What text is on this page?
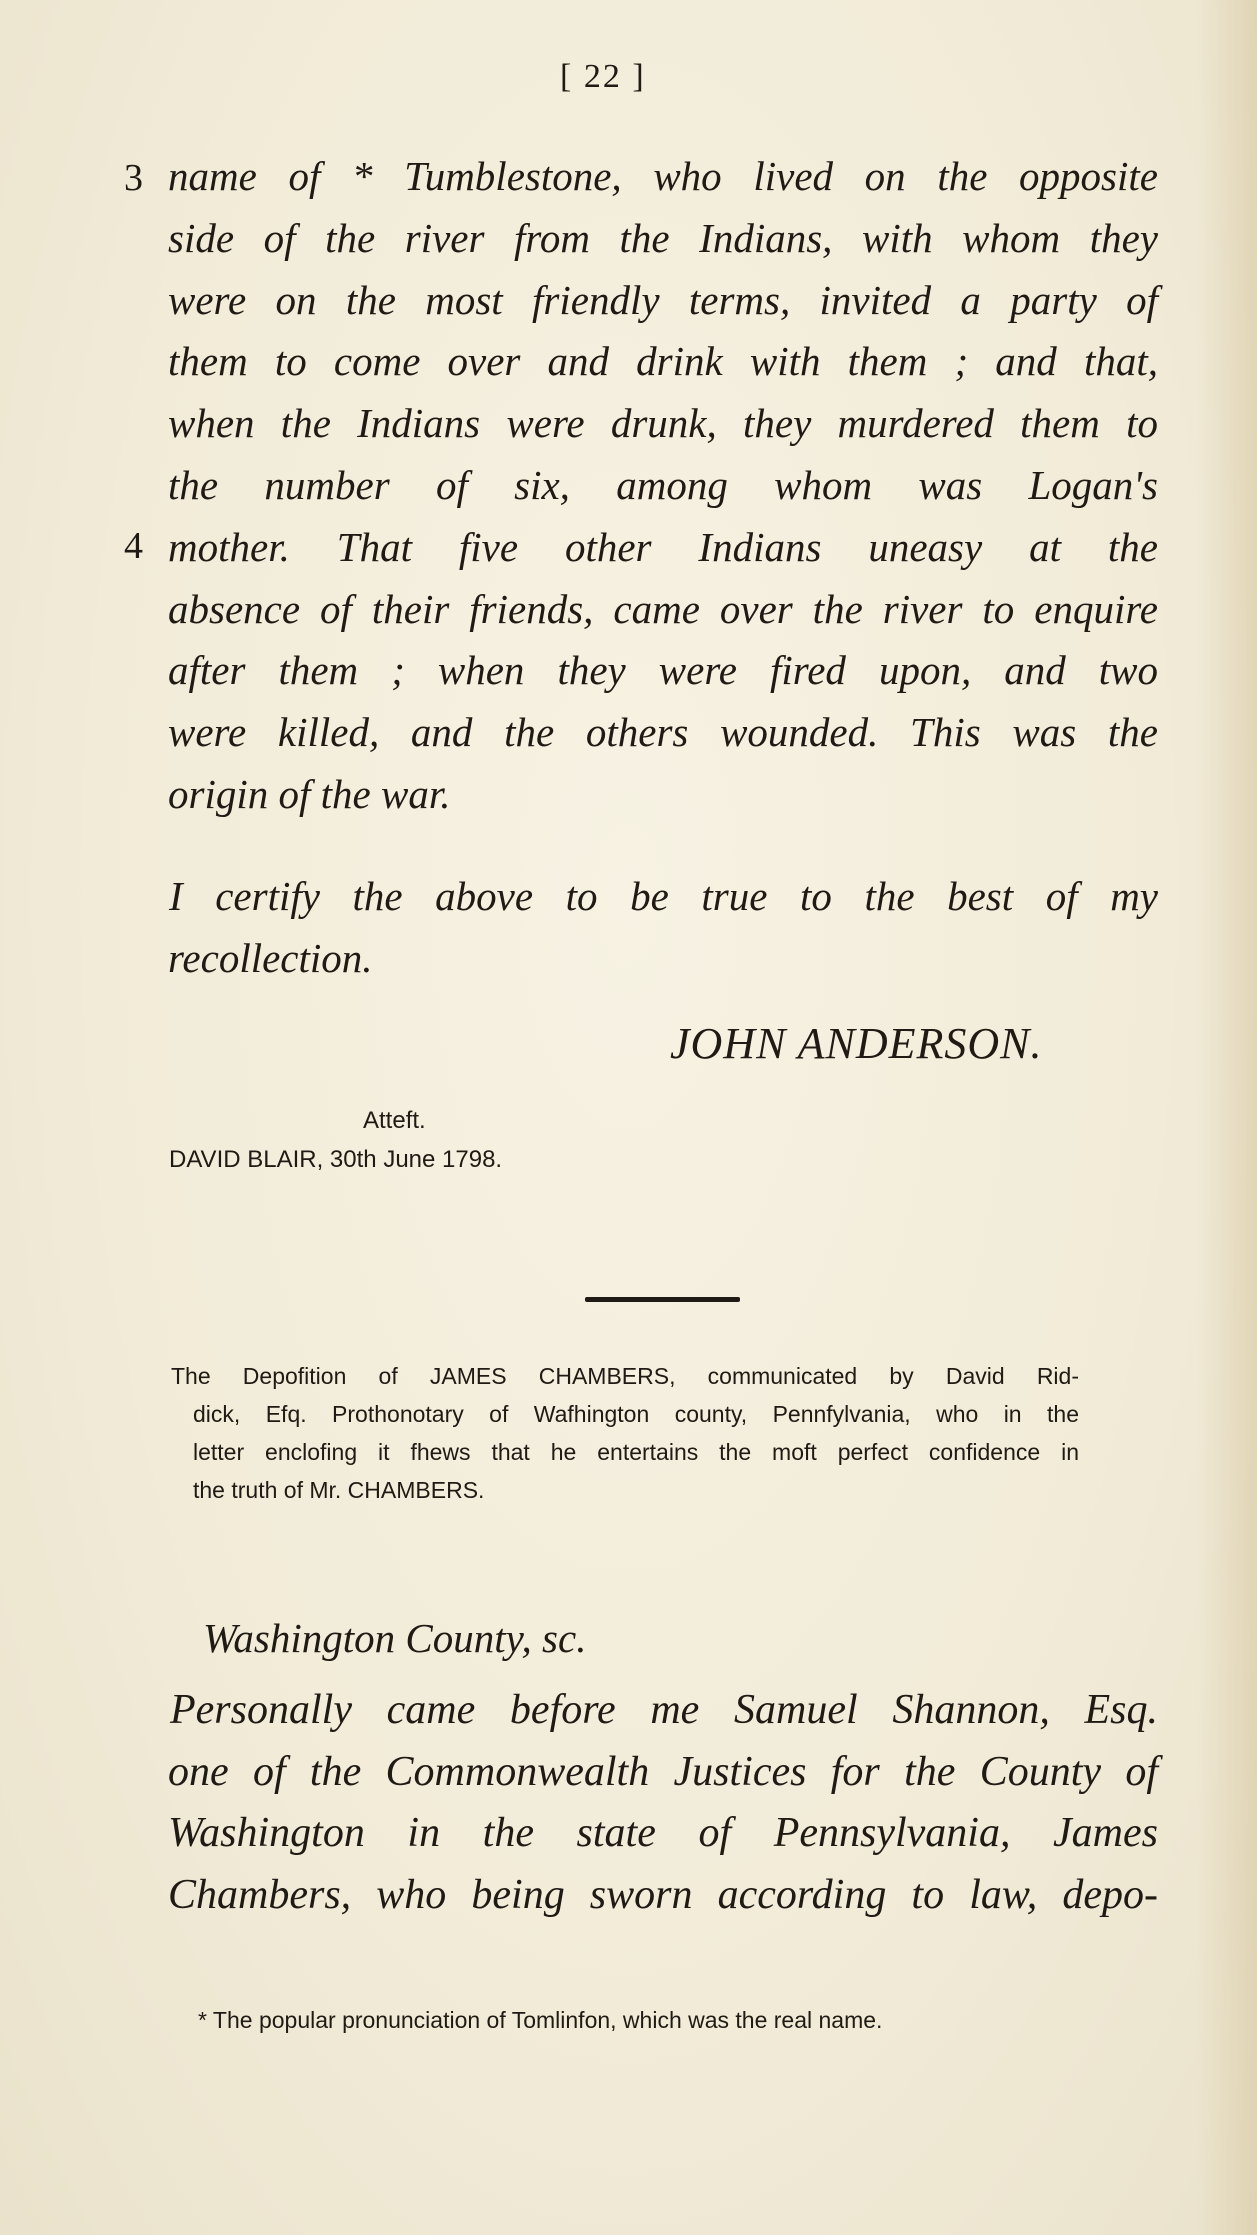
[ 22 ]
3
4
name of * Tumblestone, who lived on the opposite
side of the river from the Indians, with whom they
were on the most friendly terms, invited a party of
them to come over and drink with them ; and that,
when the Indians were drunk, they murdered them to
the number of six, among whom was Logan's
mother. That five other Indians uneasy at the
absence of their friends, came over the river to enquire
after them ; when they were fired upon, and two
were killed, and the others wounded. This was the
origin of the war.
I certify the above to be true to the best of my
recollection.
JOHN ANDERSON.
Atteft.
DAVID BLAIR, 30th June 1798.
The Depofition of JAMES CHAMBERS, communicated by David Rid-
dick, Efq. Prothonotary of Wafhington county, Pennfylvania, who in the
letter enclofing it fhews that he entertains the moft perfect confidence in
the truth of Mr. CHAMBERS.
Washington County, sc.
Personally came before me Samuel Shannon, Esq.
one of the Commonwealth Justices for the County of
Washington in the state of Pennsylvania, James
Chambers, who being sworn according to law, depo-
* The popular pronunciation of Tomlinfon, which was the real name.
